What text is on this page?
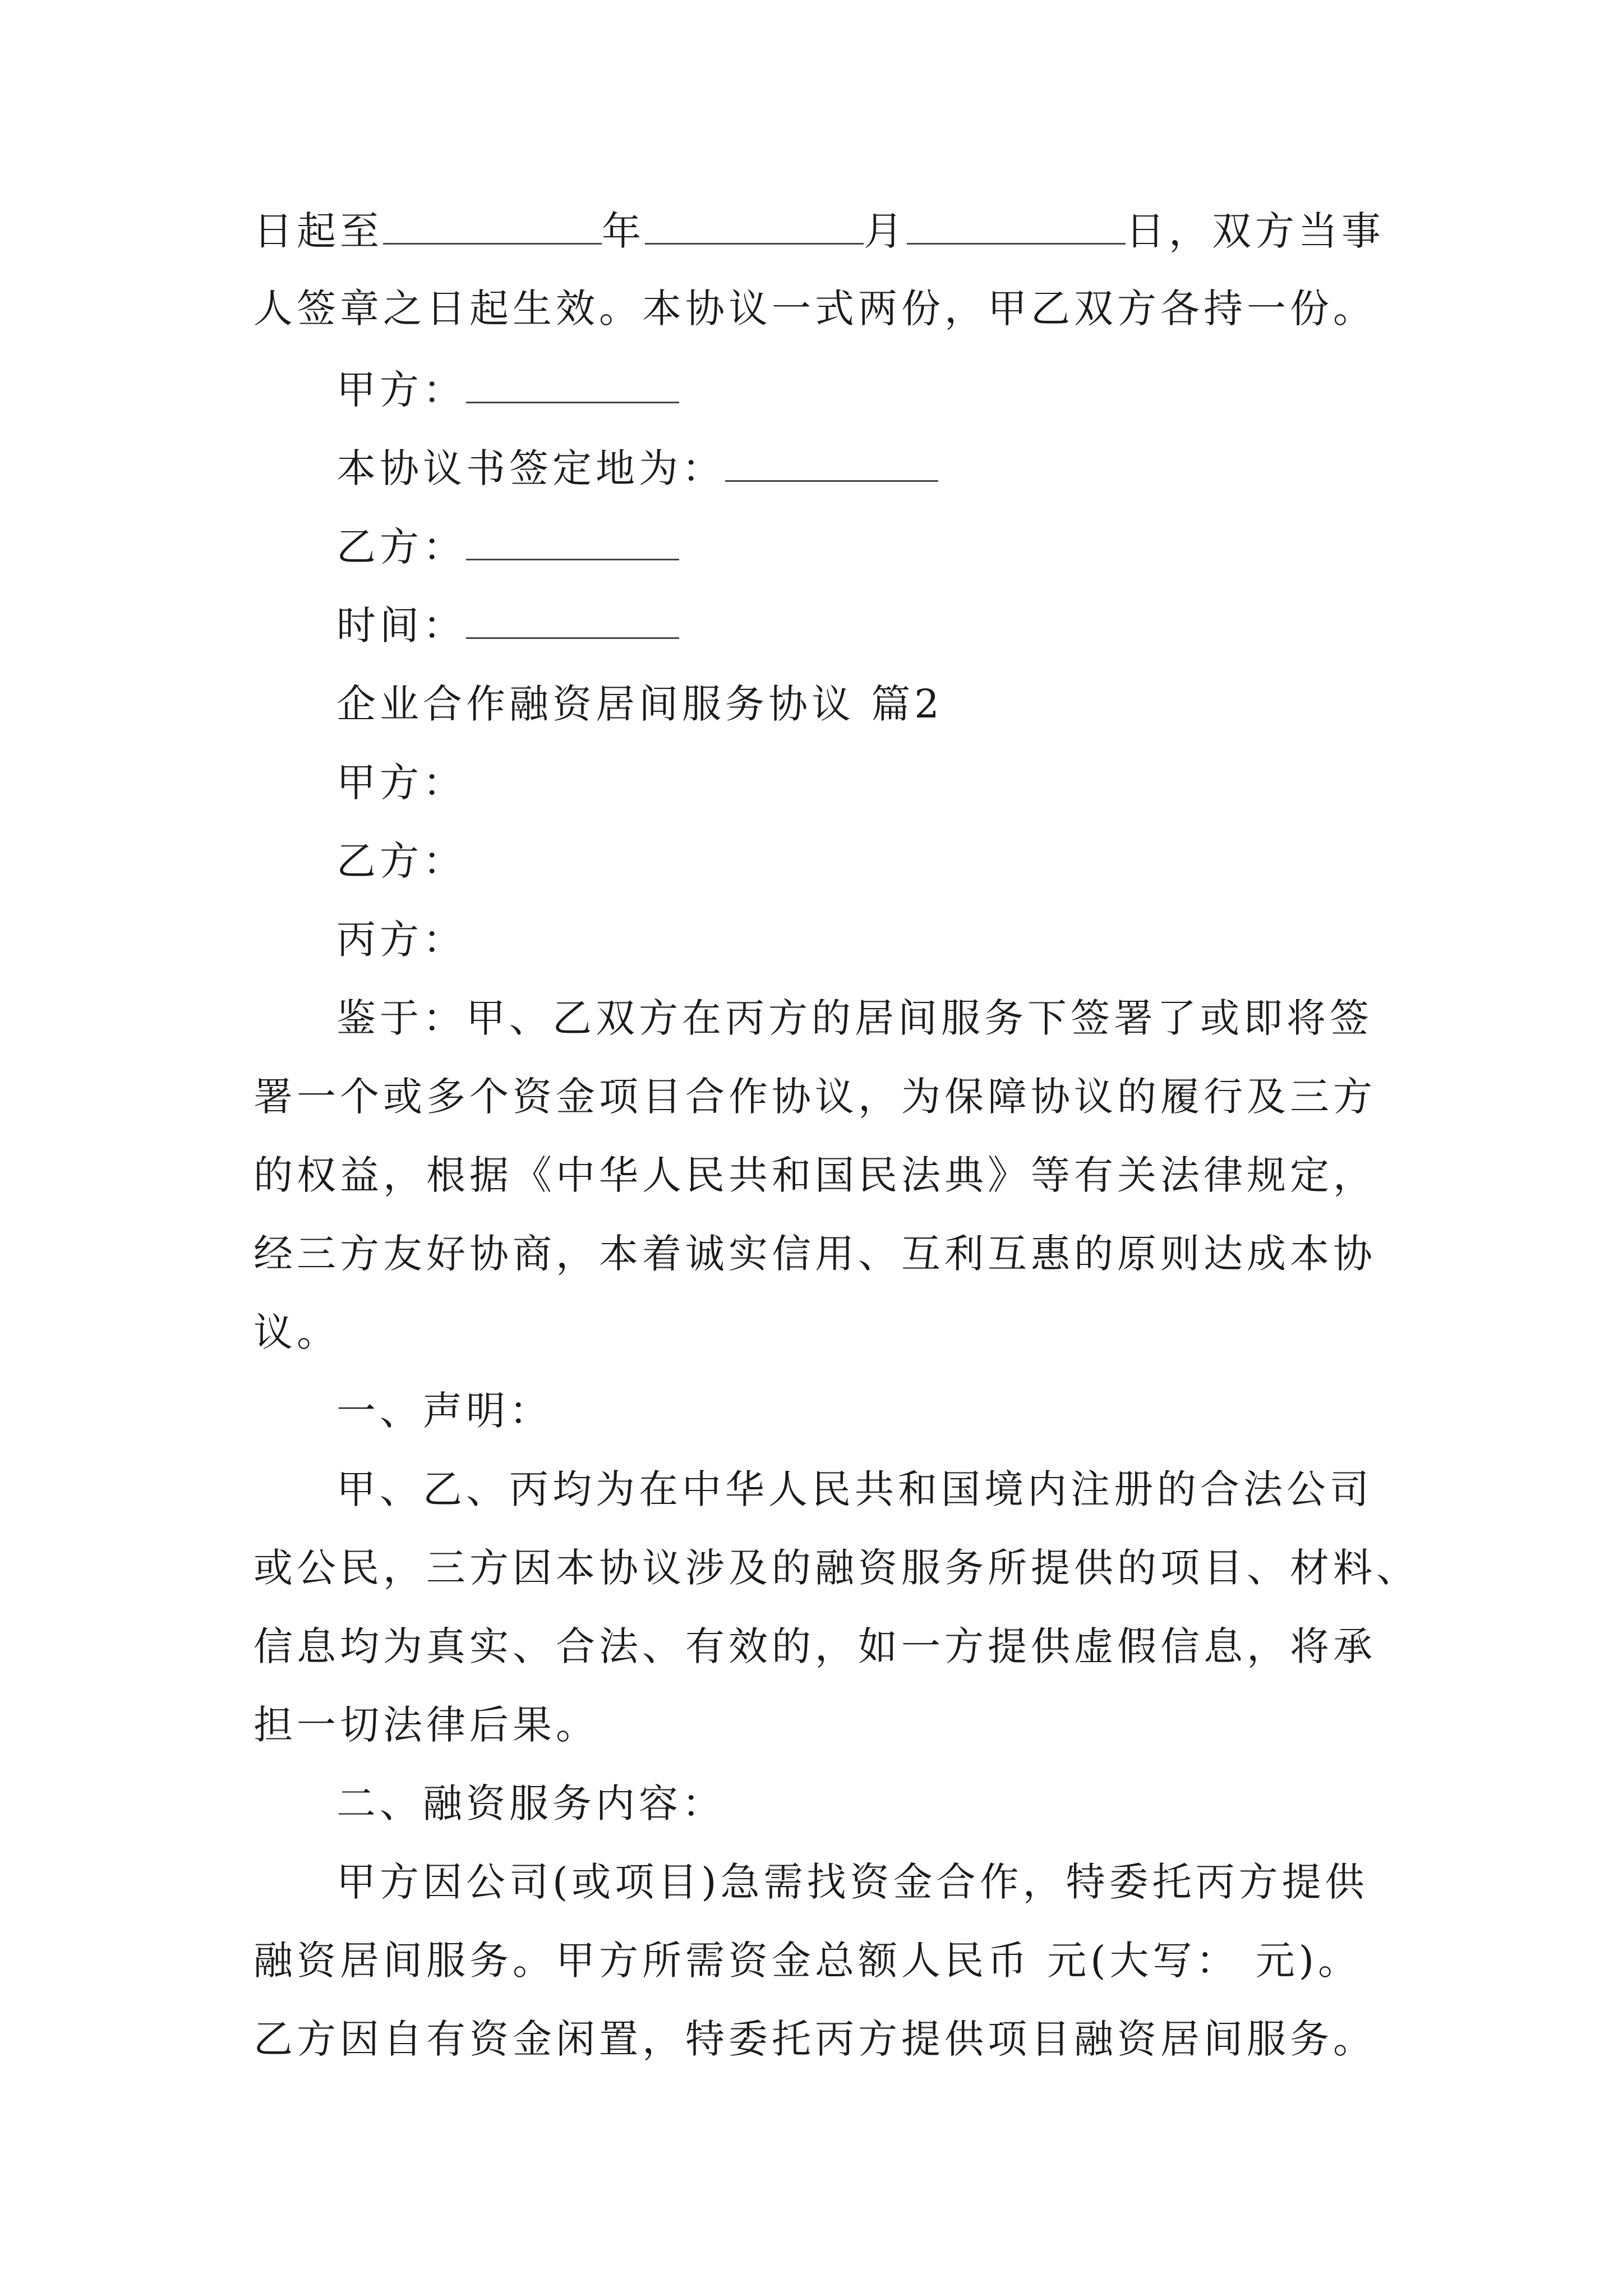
日起至	年	月	日，双方当事
人签章之日起生效。本协议一式两份，甲乙双方各持一份。
甲方：
本协议书签定地为：
乙方：
时间：
企业合作融资居间服务协议 篇2
甲方：
乙方：
丙方：
鉴于：甲、乙双方在丙方的居间服务下签署了或即将签
署一个或多个资金项目合作协议，为保障协议的履行及三方
的权益，根据《中华人民共和国民法典》等有关法律规定，
经三方友好协商，本着诚实信用、互利互惠的原则达成本协
议。
一、声明：
甲、乙、丙均为在中华人民共和国境内注册的合法公司
或公民，三方因本协议涉及的融资服务所提供的项目、材料、
信息均为真实、合法、有效的，如一方提供虚假信息，将承
担一切法律后果。
二、融资服务内容：
甲方因公司(或项目)急需找资金合作，特委托丙方提供
融资居间服务。甲方所需资金总额人民币 元(大写： 元)。
乙方因自有资金闲置，特委托丙方提供项目融资居间服务。
